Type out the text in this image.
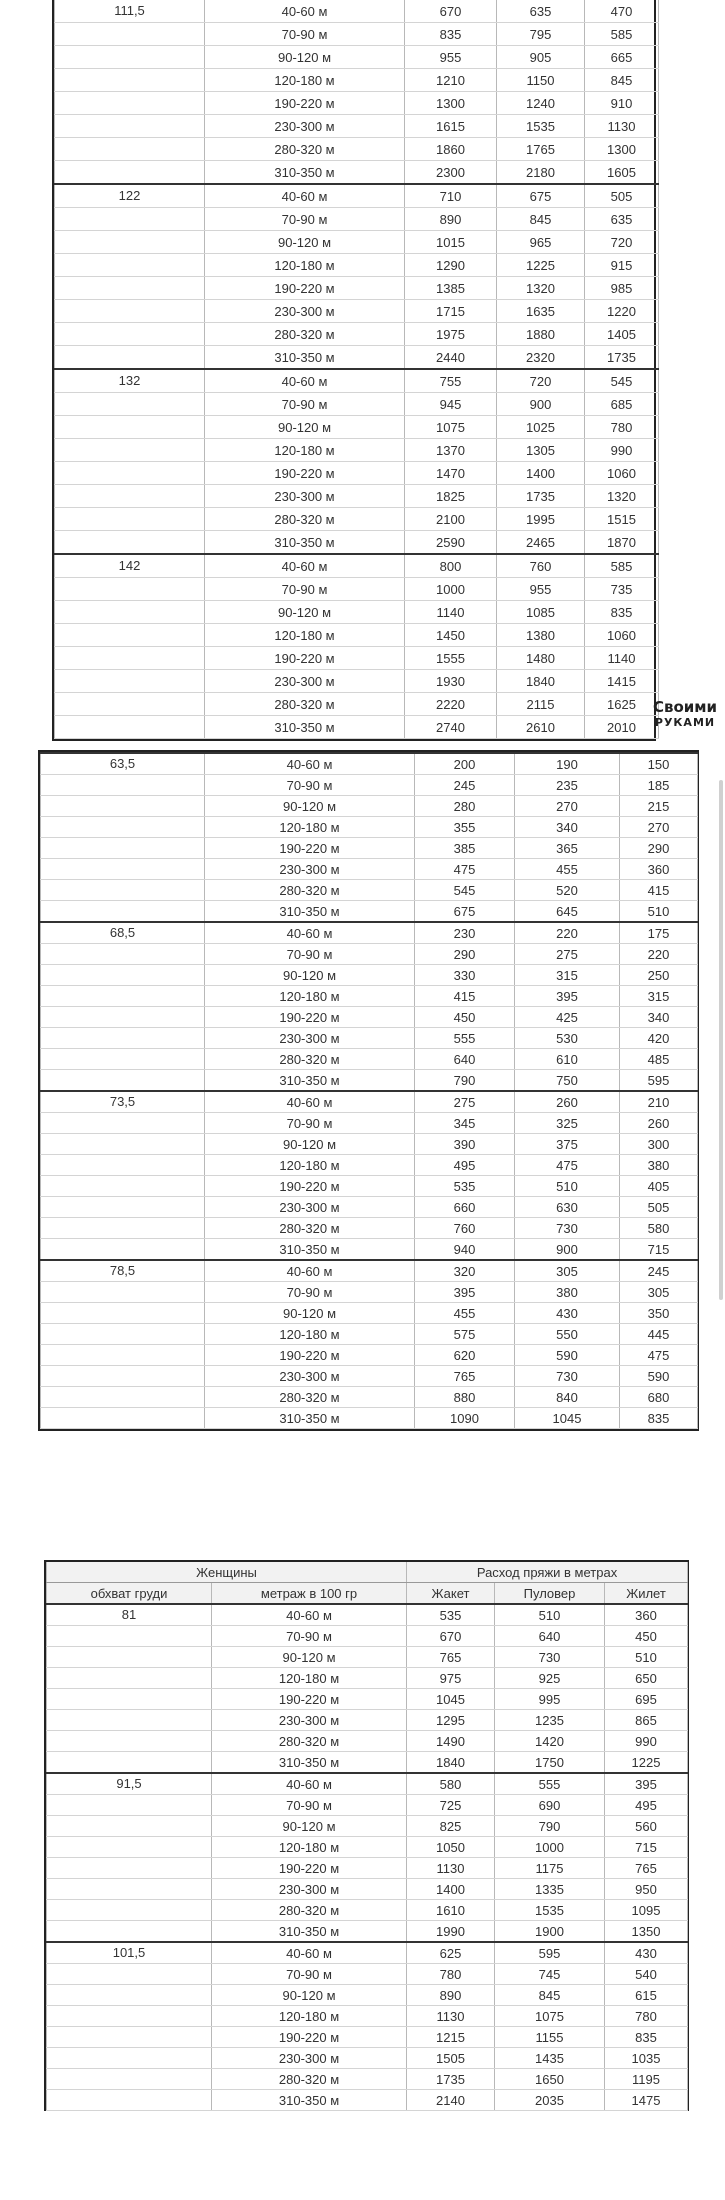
111,5	40-60 м	670	635	470
	70-90 м	835	795	585
	90-120 м	955	905	665
	120-180 м	1210	1150	845
	190-220 м	1300	1240	910
	230-300 м	1615	1535	1130
	280-320 м	1860	1765	1300
	310-350 м	2300	2180	1605
122	40-60 м	710	675	505
	70-90 м	890	845	635
	90-120 м	1015	965	720
	120-180 м	1290	1225	915
	190-220 м	1385	1320	985
	230-300 м	1715	1635	1220
	280-320 м	1975	1880	1405
	310-350 м	2440	2320	1735
132	40-60 м	755	720	545
	70-90 м	945	900	685
	90-120 м	1075	1025	780
	120-180 м	1370	1305	990
	190-220 м	1470	1400	1060
	230-300 м	1825	1735	1320
	280-320 м	2100	1995	1515
	310-350 м	2590	2465	1870
142	40-60 м	800	760	585
	70-90 м	1000	955	735
	90-120 м	1140	1085	835
	120-180 м	1450	1380	1060
	190-220 м	1555	1480	1140
	230-300 м	1930	1840	1415
	280-320 м	2220	2115	1625
	310-350 м	2740	2610	2010
63,5	40-60 м	200	190	150
	70-90 м	245	235	185
	90-120 м	280	270	215
	120-180 м	355	340	270
	190-220 м	385	365	290
	230-300 м	475	455	360
	280-320 м	545	520	415
	310-350 м	675	645	510
68,5	40-60 м	230	220	175
	70-90 м	290	275	220
	90-120 м	330	315	250
	120-180 м	415	395	315
	190-220 м	450	425	340
	230-300 м	555	530	420
	280-320 м	640	610	485
	310-350 м	790	750	595
73,5	40-60 м	275	260	210
	70-90 м	345	325	260
	90-120 м	390	375	300
	120-180 м	495	475	380
	190-220 м	535	510	405
	230-300 м	660	630	505
	280-320 м	760	730	580
	310-350 м	940	900	715
78,5	40-60 м	320	305	245
	70-90 м	395	380	305
	90-120 м	455	430	350
	120-180 м	575	550	445
	190-220 м	620	590	475
	230-300 м	765	730	590
	280-320 м	880	840	680
	310-350 м	1090	1045	835
Женщины		Расход пряжи в метрах		
обхват груди	метраж в 100 гр	Жакет	Пуловер	Жилет
81	40-60 м	535	510	360
	70-90 м	670	640	450
	90-120 м	765	730	510
	120-180 м	975	925	650
	190-220 м	1045	995	695
	230-300 м	1295	1235	865
	280-320 м	1490	1420	990
	310-350 м	1840	1750	1225
91,5	40-60 м	580	555	395
	70-90 м	725	690	495
	90-120 м	825	790	560
	120-180 м	1050	1000	715
	190-220 м	1130	1175	765
	230-300 м	1400	1335	950
	280-320 м	1610	1535	1095
	310-350 м	1990	1900	1350
101,5	40-60 м	625	595	430
	70-90 м	780	745	540
	90-120 м	890	845	615
	120-180 м	1130	1075	780
	190-220 м	1215	1155	835
	230-300 м	1505	1435	1035
	280-320 м	1735	1650	1195
	310-350 м	2140	2035	1475
Своими
РУКАМИ
